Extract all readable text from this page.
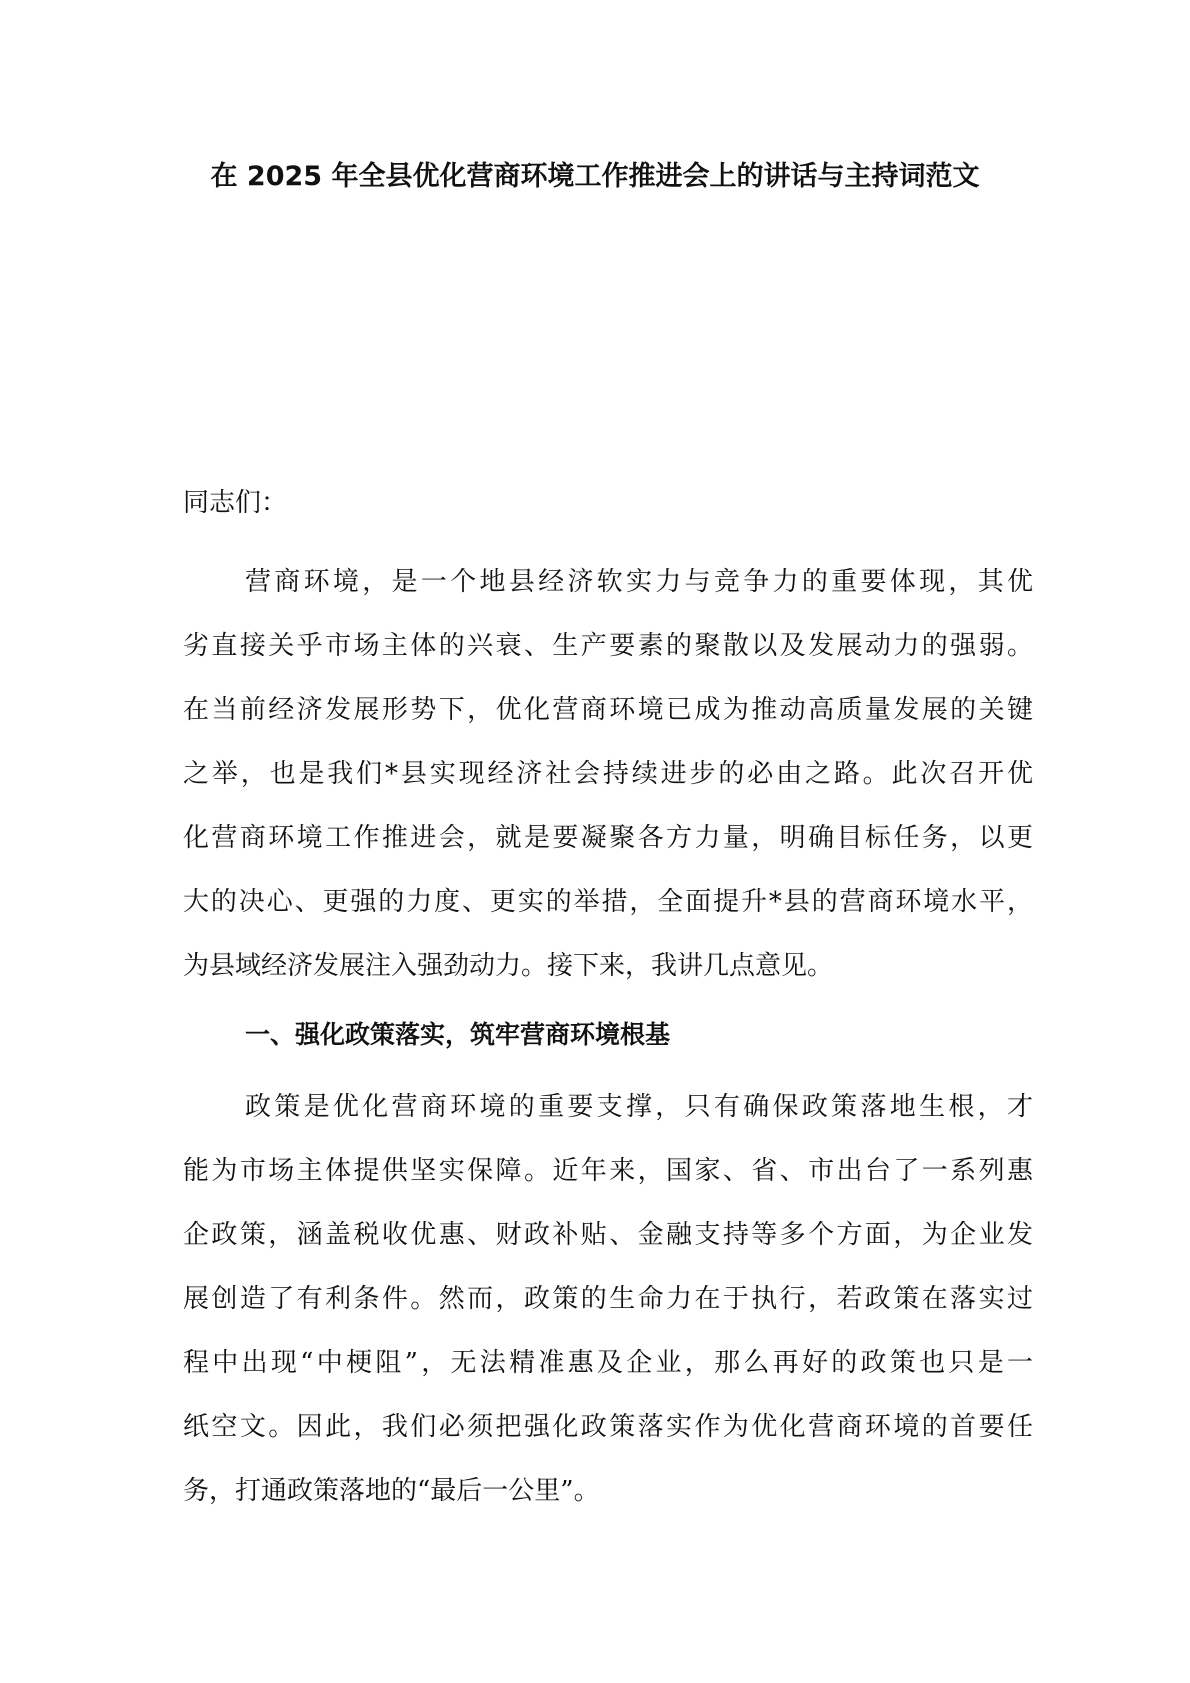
在 2025 年全县优化营商环境工作推进会上的讲话与主持词范文
同志们：
营商环境，是一个地县经济软实力与竞争力的重要体现，其优
劣直接关乎市场主体的兴衰、生产要素的聚散以及发展动力的强弱。
在当前经济发展形势下，优化营商环境已成为推动高质量发展的关键
之举，也是我们*县实现经济社会持续进步的必由之路。此次召开优
化营商环境工作推进会，就是要凝聚各方力量，明确目标任务，以更
大的决心、更强的力度、更实的举措，全面提升*县的营商环境水平，
为县域经济发展注入强劲动力。接下来，我讲几点意见。
一、强化政策落实，筑牢营商环境根基
政策是优化营商环境的重要支撑，只有确保政策落地生根，才
能为市场主体提供坚实保障。近年来，国家、省、市出台了一系列惠
企政策，涵盖税收优惠、财政补贴、金融支持等多个方面，为企业发
展创造了有利条件。然而，政策的生命力在于执行，若政策在落实过
程中出现“中梗阻”，无法精准惠及企业，那么再好的政策也只是一
纸空文。因此，我们必须把强化政策落实作为优化营商环境的首要任
务，打通政策落地的“最后一公里”。
